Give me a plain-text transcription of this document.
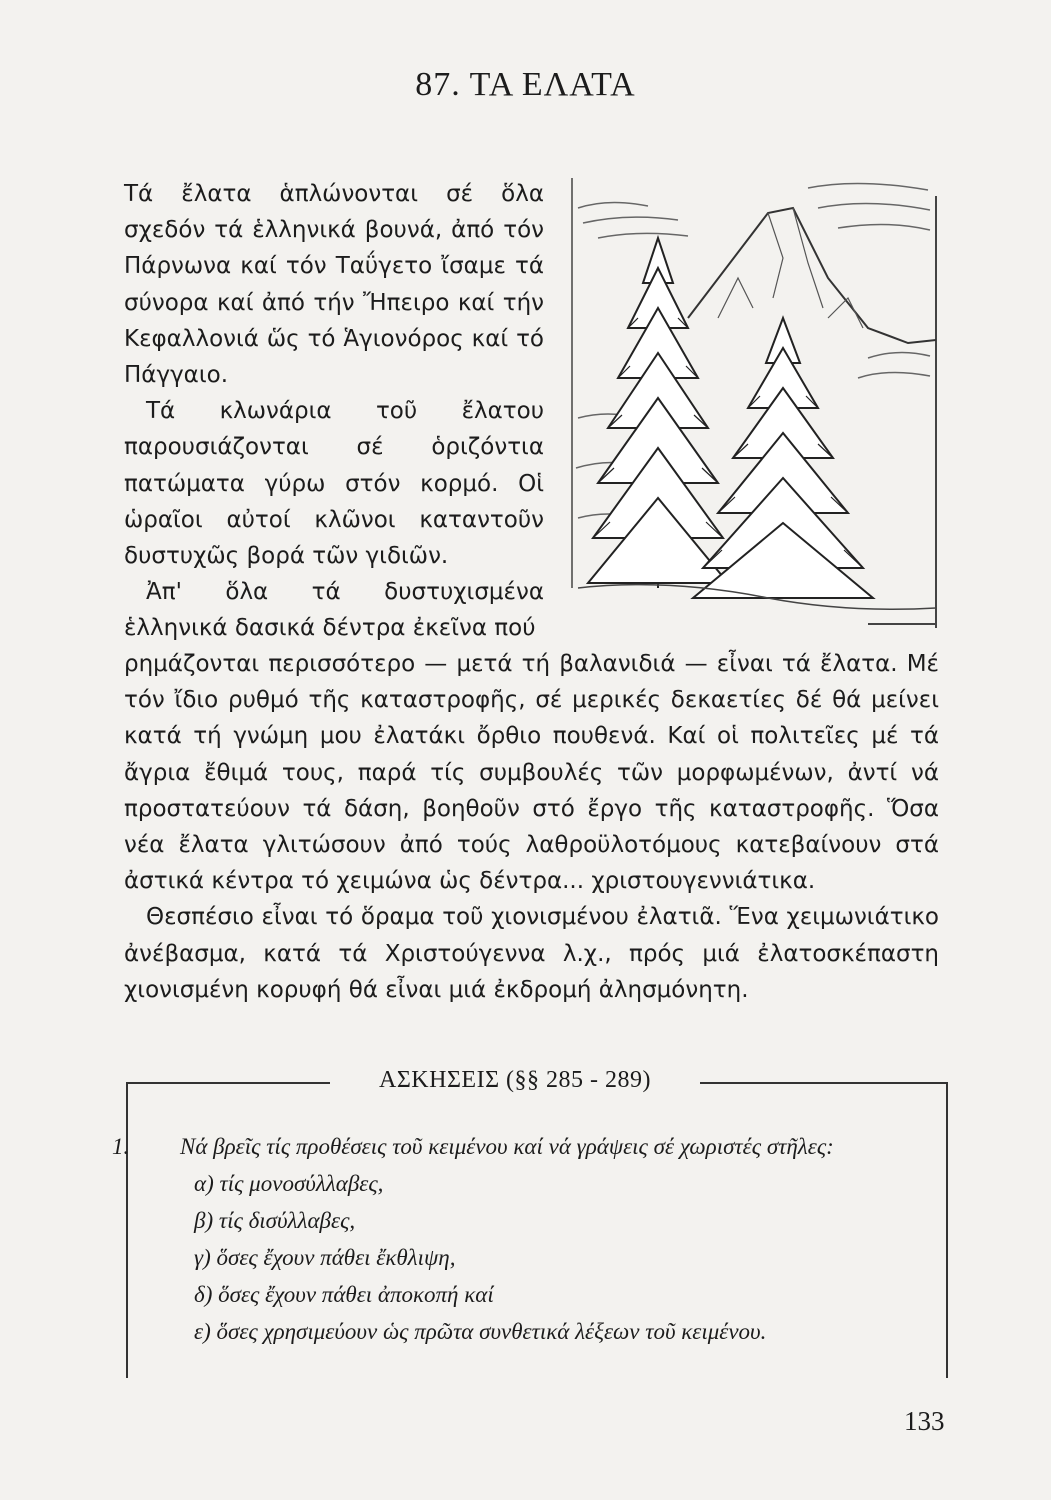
87. ΤΑ ΕΛΑΤΑ

Τά ἔλατα ἁπλώνονται σέ ὅλα σχεδόν τά ἑλληνικά βουνά, ἀπό τόν Πάρνωνα καί τόν Ταΰγετο ἴσαμε τά σύνορα καί ἀπό τήν Ἤπειρο καί τήν Κεφαλλονιά ὥς τό Ἁγιονόρος καί τό Πάγγαιο.

Τά κλωνάρια τοῦ ἔλατου παρουσιάζονται σέ ὁριζόντια πατώματα γύρω στόν κορμό. Οἱ ὡραῖοι αὐτοί κλῶνοι καταντοῦν δυστυχῶς βορά τῶν γιδιῶν.

Ἀπ' ὅλα τά δυστυχισμένα ἑλληνικά δασικά δέντρα ἐκεῖνα πού

ρημάζονται περισσότερο — μετά τή βαλανιδιά — εἶναι τά ἔλατα. Μέ τόν ἴδιο ρυθμό τῆς καταστροφῆς, σέ μερικές δεκαετίες δέ θά μείνει κατά τή γνώμη μου ἐλατάκι ὄρθιο πουθενά. Καί οἱ πολιτεῖες μέ τά ἄγρια ἔθιμά τους, παρά τίς συμβουλές τῶν μορφωμένων, ἀντί νά προστατεύουν τά δάση, βοηθοῦν στό ἔργο τῆς καταστροφῆς. Ὅσα νέα ἔλατα γλιτώσουν ἀπό τούς λαθροϋλοτόμους κατεβαίνουν στά ἀστικά κέντρα τό χειμώνα ὡς δέντρα... χριστουγεννιάτικα.

Θεσπέσιο εἶναι τό ὅραμα τοῦ χιονισμένου ἐλατιᾶ. Ἕνα χειμωνιάτικο ἀνέβασμα, κατά τά Χριστούγεννα λ.χ., πρός μιά ἐλατοσκέπαστη χιονισμένη κορυφή θά εἶναι μιά ἐκδρομή ἀλησμόνητη.

ΑΣΚΗΣΕΙΣ (§§ 285 - 289)
1. Νά βρεῖς τίς προθέσεις τοῦ κειμένου καί νά γράψεις σέ χωριστές στῆλες:
α) τίς μονοσύλλαβες,
β) τίς δισύλλαβες,
γ) ὅσες ἔχουν πάθει ἔκθλιψη,
δ) ὅσες ἔχουν πάθει ἀποκοπή καί
ε) ὅσες χρησιμεύουν ὡς πρῶτα συνθετικά λέξεων τοῦ κειμένου.
133
